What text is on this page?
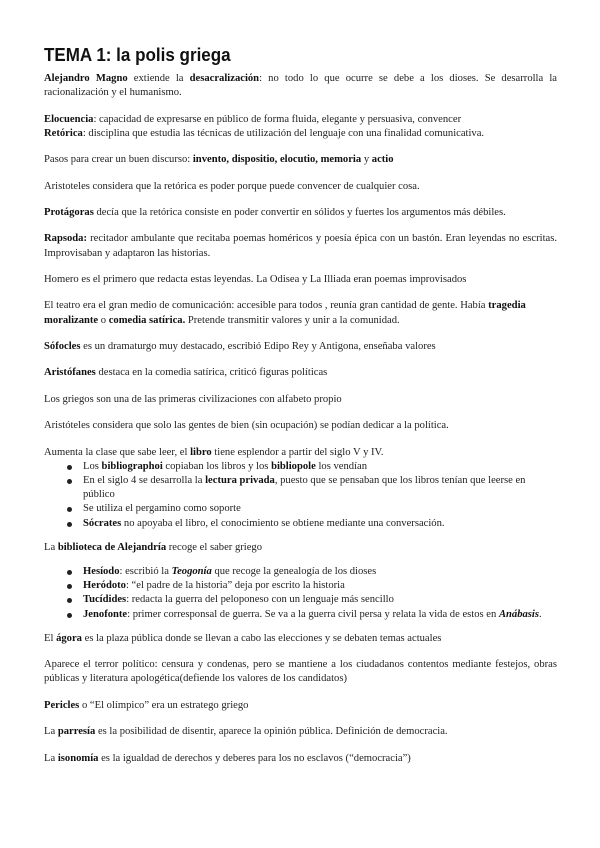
TEMA 1: la polis griega

Alejandro Magno extiende la desacralización: no todo lo que ocurre se debe a los dioses. Se desarrolla la racionalización y el humanismo.

Elocuencia: capacidad de expresarse en público de forma fluida, elegante y persuasiva, convencer

Retórica: disciplina que estudia las técnicas de utilización del lenguaje con una finalidad comunicativa.

Pasos para crear un buen discurso: invento, dispositio, elocutio, memoria y actio

Aristoteles considera que la retórica es poder porque puede convencer de cualquier cosa.

Protágoras decía que la retórica consiste en poder convertir en sólidos y fuertes los argumentos más débiles.

Rapsoda: recitador ambulante que recitaba poemas homéricos y poesía épica con un bastón. Eran leyendas no escritas. Improvisaban y adaptaron las historias.

Homero es el primero que redacta estas leyendas. La Odisea y La Illiada eran poemas improvisados

El teatro era el gran medio de comunicación: accesible para todos , reunía gran cantidad de gente. Había tragedia moralizante o comedia satírica. Pretende transmitir valores y unir a la comunidad.

Sófocles es un dramaturgo muy destacado, escribió Edipo Rey y Antigona, enseñaba valores

Aristófanes destaca en la comedia satírica, criticó figuras políticas

Los griegos son una de las primeras civilizaciones con alfabeto propio

Aristóteles considera que solo las gentes de bien (sin ocupación) se podían dedicar a la política.

Aumenta la clase que sabe leer, el libro tiene esplendor a partir del siglo V y IV.

Los bibliographoi copiaban los libros y los bibliopole los vendían
En el siglo 4 se desarrolla la lectura privada, puesto que se pensaban que los libros tenían que leerse en público
Se utiliza el pergamino como soporte
Sócrates no apoyaba el libro, el conocimiento se obtiene mediante una conversación.

La biblioteca de Alejandría recoge el saber griego

Hesíodo: escribió la Teogonía que recoge la genealogía de los dioses
Heródoto: “el padre de la historia” deja por escrito la historia
Tucídides: redacta la guerra del peloponeso con un lenguaje más sencillo
Jenofonte: primer corresponsal de guerra. Se va a la guerra civil persa y relata la vida de estos en Anábasis.

El ágora es la plaza pública donde se llevan a cabo las elecciones y se debaten temas actuales

Aparece el terror político: censura y condenas, pero se mantiene a los ciudadanos contentos mediante festejos, obras públicas y literatura apologética(defiende los valores de los candidatos)

Pericles o “El olímpico” era un estratego griego

La parresía es la posibilidad de disentir, aparece la opinión pública. Definición de democracia.

La isonomía es la igualdad de derechos y deberes para los no esclavos (“democracia”)
